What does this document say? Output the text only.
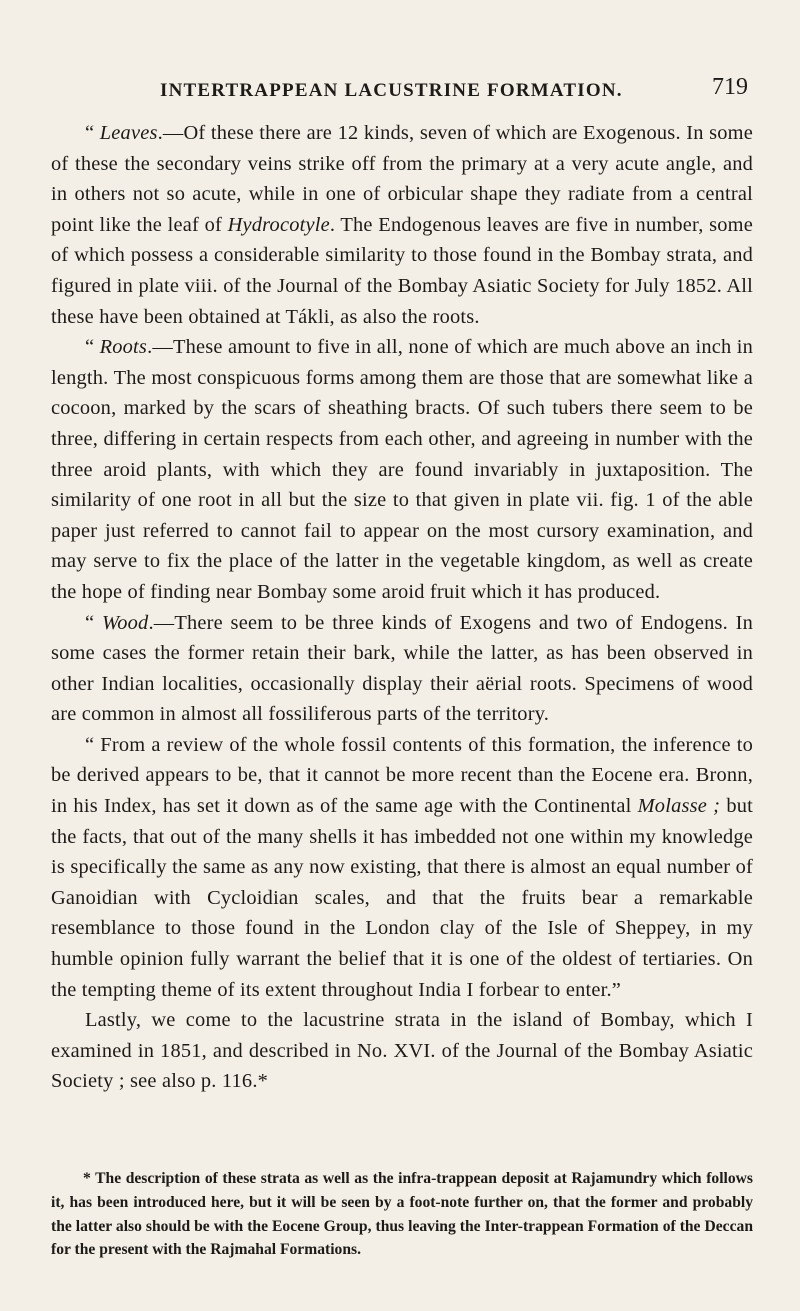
INTERTRAPPEAN LACUSTRINE FORMATION.	719

“ Leaves.—Of these there are 12 kinds, seven of which are Exogenous. In some of these the secondary veins strike off from the primary at a very acute angle, and in others not so acute, while in one of orbicular shape they radiate from a central point like the leaf of Hydrocotyle. The Endogenous leaves are five in number, some of which possess a considerable similarity to those found in the Bombay strata, and figured in plate viii. of the Journal of the Bombay Asiatic Society for July 1852. All these have been obtained at Tákli, as also the roots.

“ Roots.—These amount to five in all, none of which are much above an inch in length. The most conspicuous forms among them are those that are somewhat like a cocoon, marked by the scars of sheathing bracts. Of such tubers there seem to be three, differing in certain respects from each other, and agreeing in number with the three aroid plants, with which they are found invariably in juxtaposition. The similarity of one root in all but the size to that given in plate vii. fig. 1 of the able paper just referred to cannot fail to appear on the most cursory examination, and may serve to fix the place of the latter in the vegetable kingdom, as well as create the hope of finding near Bombay some aroid fruit which it has produced.

“ Wood.—There seem to be three kinds of Exogens and two of Endogens. In some cases the former retain their bark, while the latter, as has been observed in other Indian localities, occasionally display their aërial roots. Specimens of wood are common in almost all fossiliferous parts of the territory.

“ From a review of the whole fossil contents of this formation, the inference to be derived appears to be, that it cannot be more recent than the Eocene era. Bronn, in his Index, has set it down as of the same age with the Continental Molasse ; but the facts, that out of the many shells it has imbedded not one within my knowledge is specifically the same as any now existing, that there is almost an equal number of Ganoidian with Cycloidian scales, and that the fruits bear a remarkable resemblance to those found in the London clay of the Isle of Sheppey, in my humble opinion fully warrant the belief that it is one of the oldest of tertiaries. On the tempting theme of its extent throughout India I forbear to enter.”

Lastly, we come to the lacustrine strata in the island of Bombay, which I examined in 1851, and described in No. XVI. of the Journal of the Bombay Asiatic Society ; see also p. 116.*

* The description of these strata as well as the infra-trappean deposit at Rajamundry which follows it, has been introduced here, but it will be seen by a foot-note further on, that the former and probably the latter also should be with the Eocene Group, thus leaving the Inter-trappean Formation of the Deccan for the present with the Rajmahal Formations.
